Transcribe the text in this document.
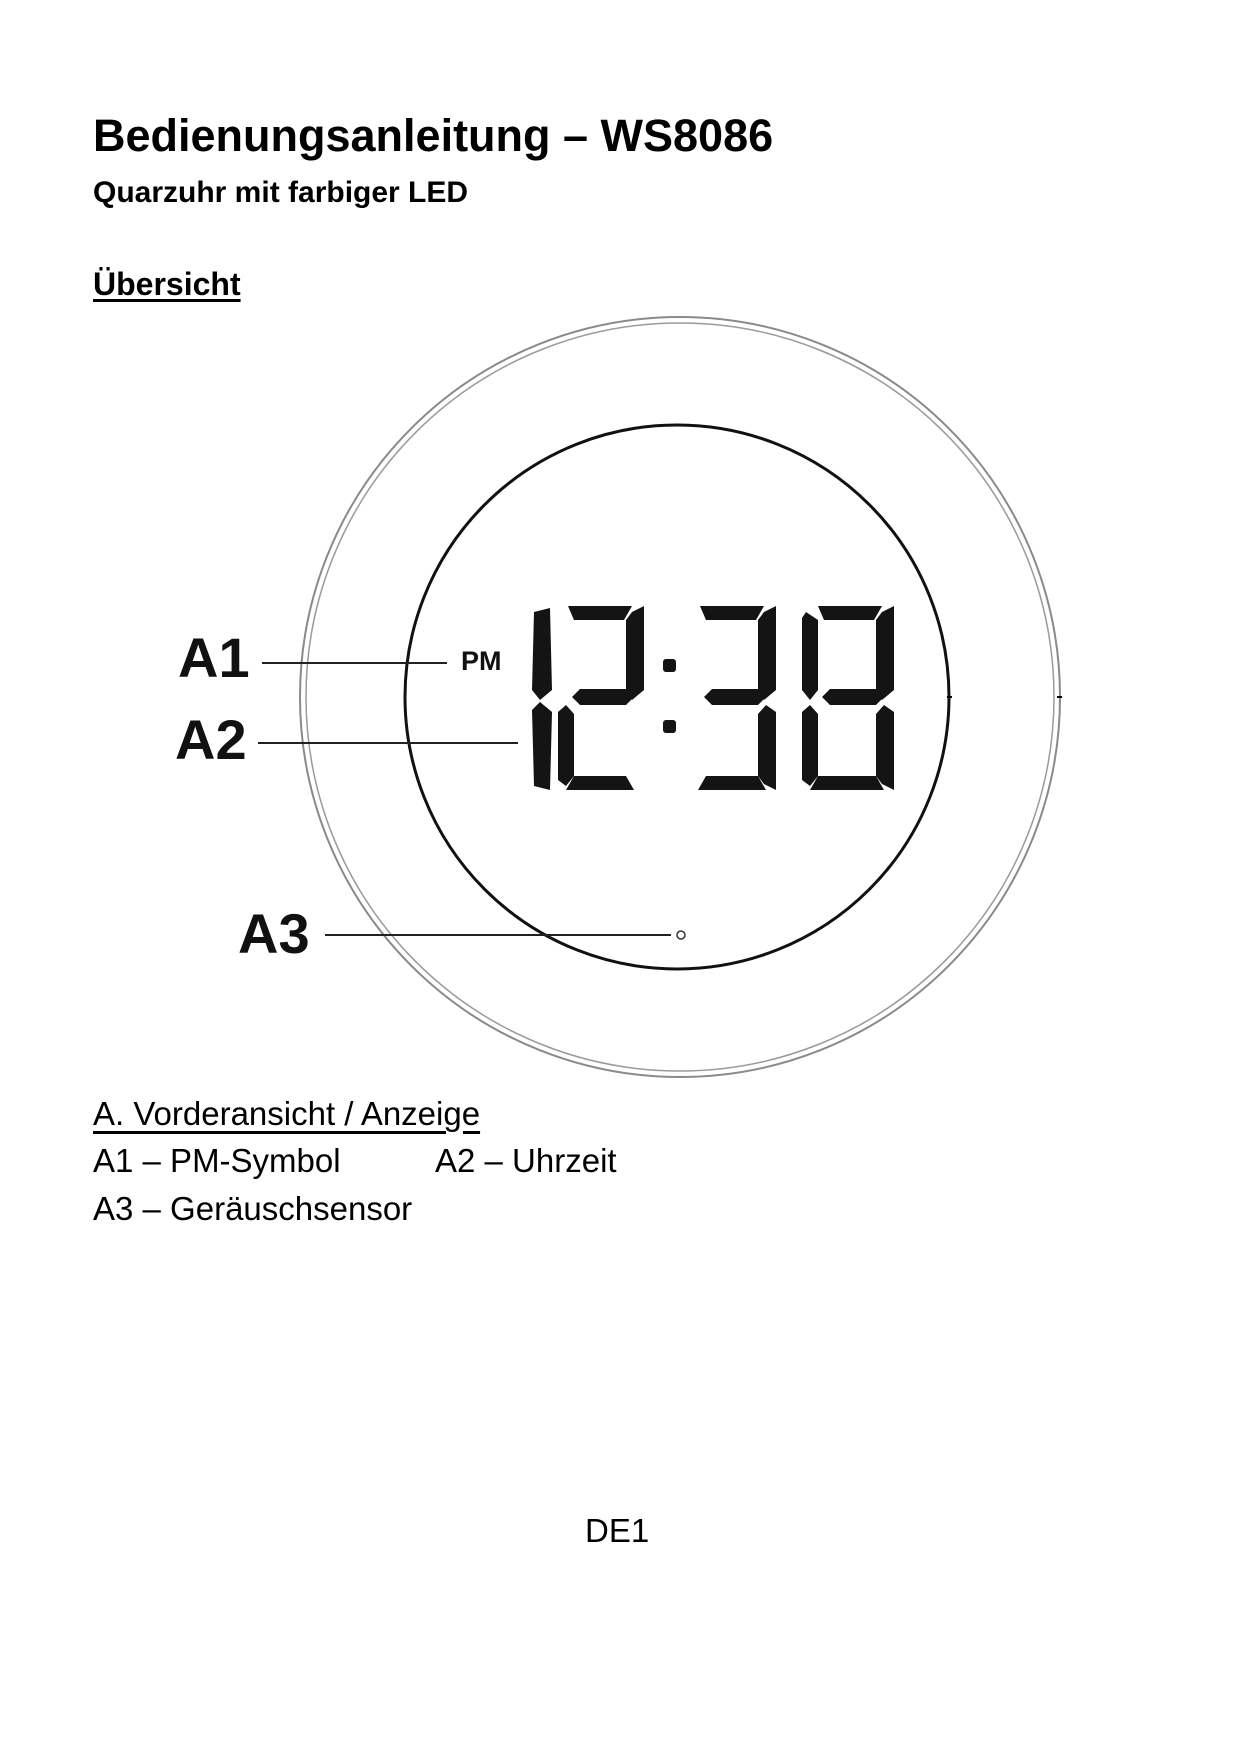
Bedienungsanleitung – WS8086
Quarzuhr mit farbiger LED
Übersicht
PM
A1
A2
A3

A. Vorderansicht / Anzeige

A1 – PM-Symbol	A2 – Uhrzeit

A3 – Geräuschsensor

DE1
